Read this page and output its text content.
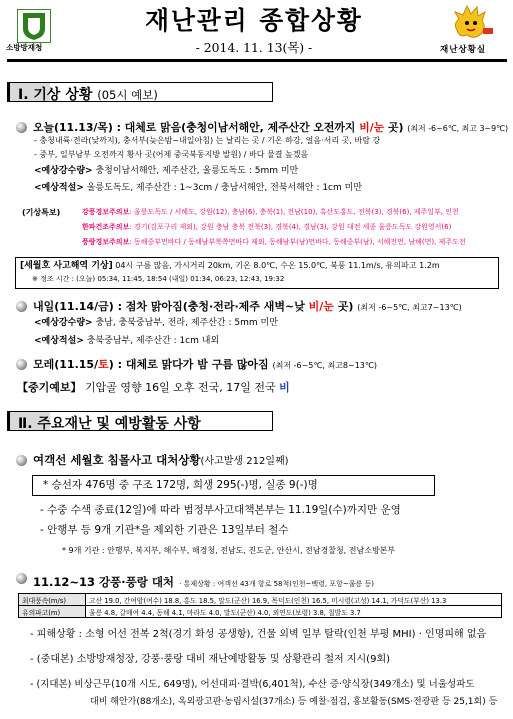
소방방재청
재난관리 종합상황
- 2014. 11. 13(목) -	재난상황실
Ⅰ. 기상 상황 (05시 예보)
오늘(11.13/목) : 대체로 맑음(충청이남서해안, 제주산간 오전까지 비/눈 곳) (최저 -6~6℃, 최고 3~9℃)
- 충청내륙·전라(낮까지), 충서부(늦은밤~내일아침) 는 날리는 곳 / 기온 하강, 얼음·서리 곳, 바람 강
- 중부, 일부남부 오전까지 황사 곳(어제 중국북동지방 발원) / 바다 물결 높겠음
<예상강수량> 충청이남서해안, 제주산간, 울릉도독도 : 5mm 미만
<예상적설> 울릉도독도, 제주산간 : 1~3cm / 충남서해안, 전북서해안 : 1cm 미만
(기상특보)	강풍경보주의보: 울릉도독도 / 서해도, 강원(12), 충남(6), 충북(1), 전남(10), 흑산도홍도, 전북(3), 경북(6), 제주일부, 인천
한파건조주의보: 경기(김포구리 제외), 강원 충남 충북 전북(3), 경북(4), 경남(3), 강원 대전 세종 울릉도독도 강원영서(6)
풍랑경보주의보: 동해중부먼바다 / 동해남부북쪽먼바다 제외, 동해남부(남)먼바다, 동해중부(남), 서해전먼, 남해(먼), 제주도전
[세월호 사고해역 기상] 04시 구름 많음, 가시거리 20km, 기온 8.0℃, 수온 15.0℃, 북풍 11.1m/s, 유의파고 1.2m
※ 정조 시간 : (오늘) 05:34, 11:45, 18:54 (내일) 01:34, 06:23, 12:43, 19:32
내일(11.14/금) : 점차 맑아짐(충청·전라·제주 새벽~낮 비/눈 곳) (최저 -6~5℃, 최고7~13℃)
<예상강수량> 충남, 충북중남부, 전라, 제주산간 : 5mm 미만
<예상적설> 충북중남부, 제주산간 : 1cm 내외
모레(11.15/토) : 대체로 맑다가 밤 구름 많아짐 (최저 -6~5℃, 최고8~13℃)
【중기예보】 기압골 영향 16일 오후 전국, 17일 전국 비
Ⅱ. 주요재난 및 예방활동 사항
여객선 세월호 침몰사고 대처상황(사고발생 212일째)
* 승선자 476명 중 구조 172명, 희생 295(-)명, 실종 9(-)명
- 수중 수색 종료(12일)에 따라 범정부사고대책본부는 11.19일(수)까지만 운영
- 안행부 등 9개 기관*을 제외한 기관은 13일부터 철수
* 9개 기관 : 안행부, 복지부, 해수부, 해경청, 전남도, 진도군, 안산시, 전남경찰청, 전남소방본부
11.12~13 강풍·풍랑 대처 · 통제상황 : 여객선 43개 항로 58척(인천~백령, 포항~울릉 등)
최대풍속(m/s)	고산 19.0, 간여암(여수) 18.8, 홍도 18.5, 말도(군산) 16.9, 목덕도(인천) 16.5, 미시령(고성) 14.1, 가덕도(부산) 13.3
유의파고(m)	울릉 4.8, 갈매여 4.4, 동해 4.1, 마라도 4.0, 말도(군산) 4.0, 외연도(보령) 3.8, 칠발도 3.7
- 피해상황 : 소형 어선 전복 2척(경기 화성 공생항), 건물 외벽 일부 탈락(인천 부평 MHI) · 인명피해 없음
- (중대본) 소방방재청장, 강풍·풍랑 대비 재난예방활동 및 상황관리 철저 지시(9회)
- (지대본) 비상근무(10개 시도, 649명), 어선대피·결박(6,401척), 수산 증·양식장(349개소) 및 너울성파도
대비 해안가(88개소), 옥외광고판·농림시설(37개소) 등 예찰·점검, 홍보활동(SMS·전광판 등 25,1회) 등
